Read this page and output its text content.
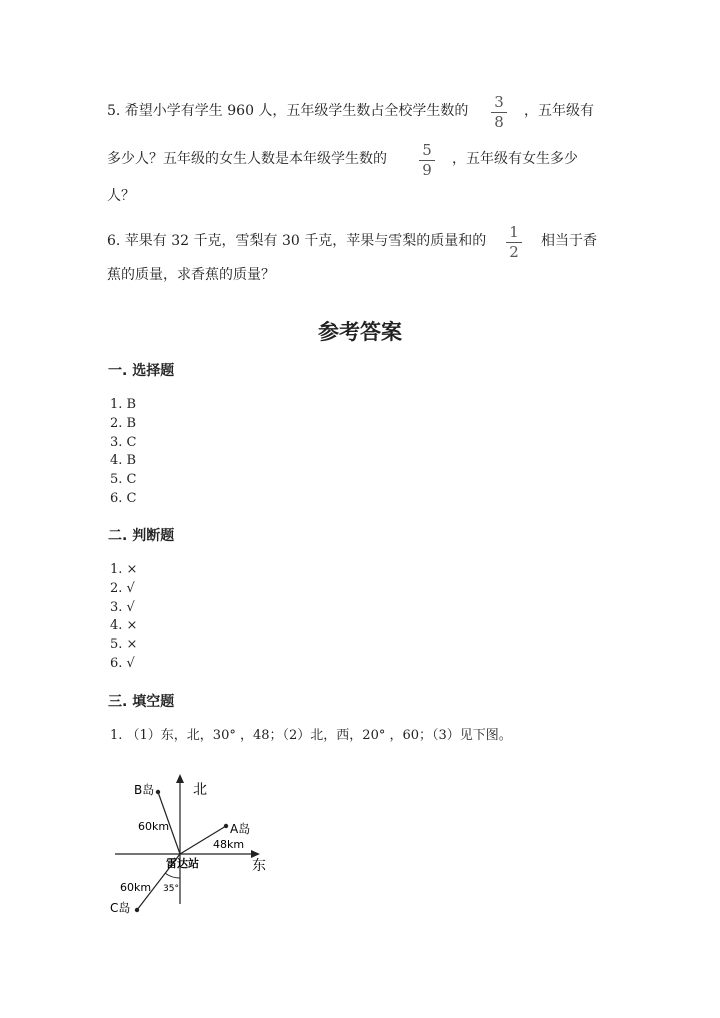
5. 希望小学有学生 960 人，五年级学生数占全校学生数的 3
8
，五年级有
多少人？五年级的女生人数是本年级学生数的 5
9
，五年级有女生多少
人？
6. 苹果有 32 千克，雪梨有 30 千克，苹果与雪梨的质量和的 1
2
相当于香
蕉的质量，求香蕉的质量？
参考答案
一. 选择题
1. B
2. B
3. C
4. B
5. C
6. C
二. 判断题
1. ×
2. √
3. √
4. ×
5. ×
6. √
三. 填空题
1. （1）东，北，30° ，48；（2）北，西，20° ，60；（3）见下图。
北
东
雷达站
B岛
A岛
C岛
60km
48km
60km 35°
